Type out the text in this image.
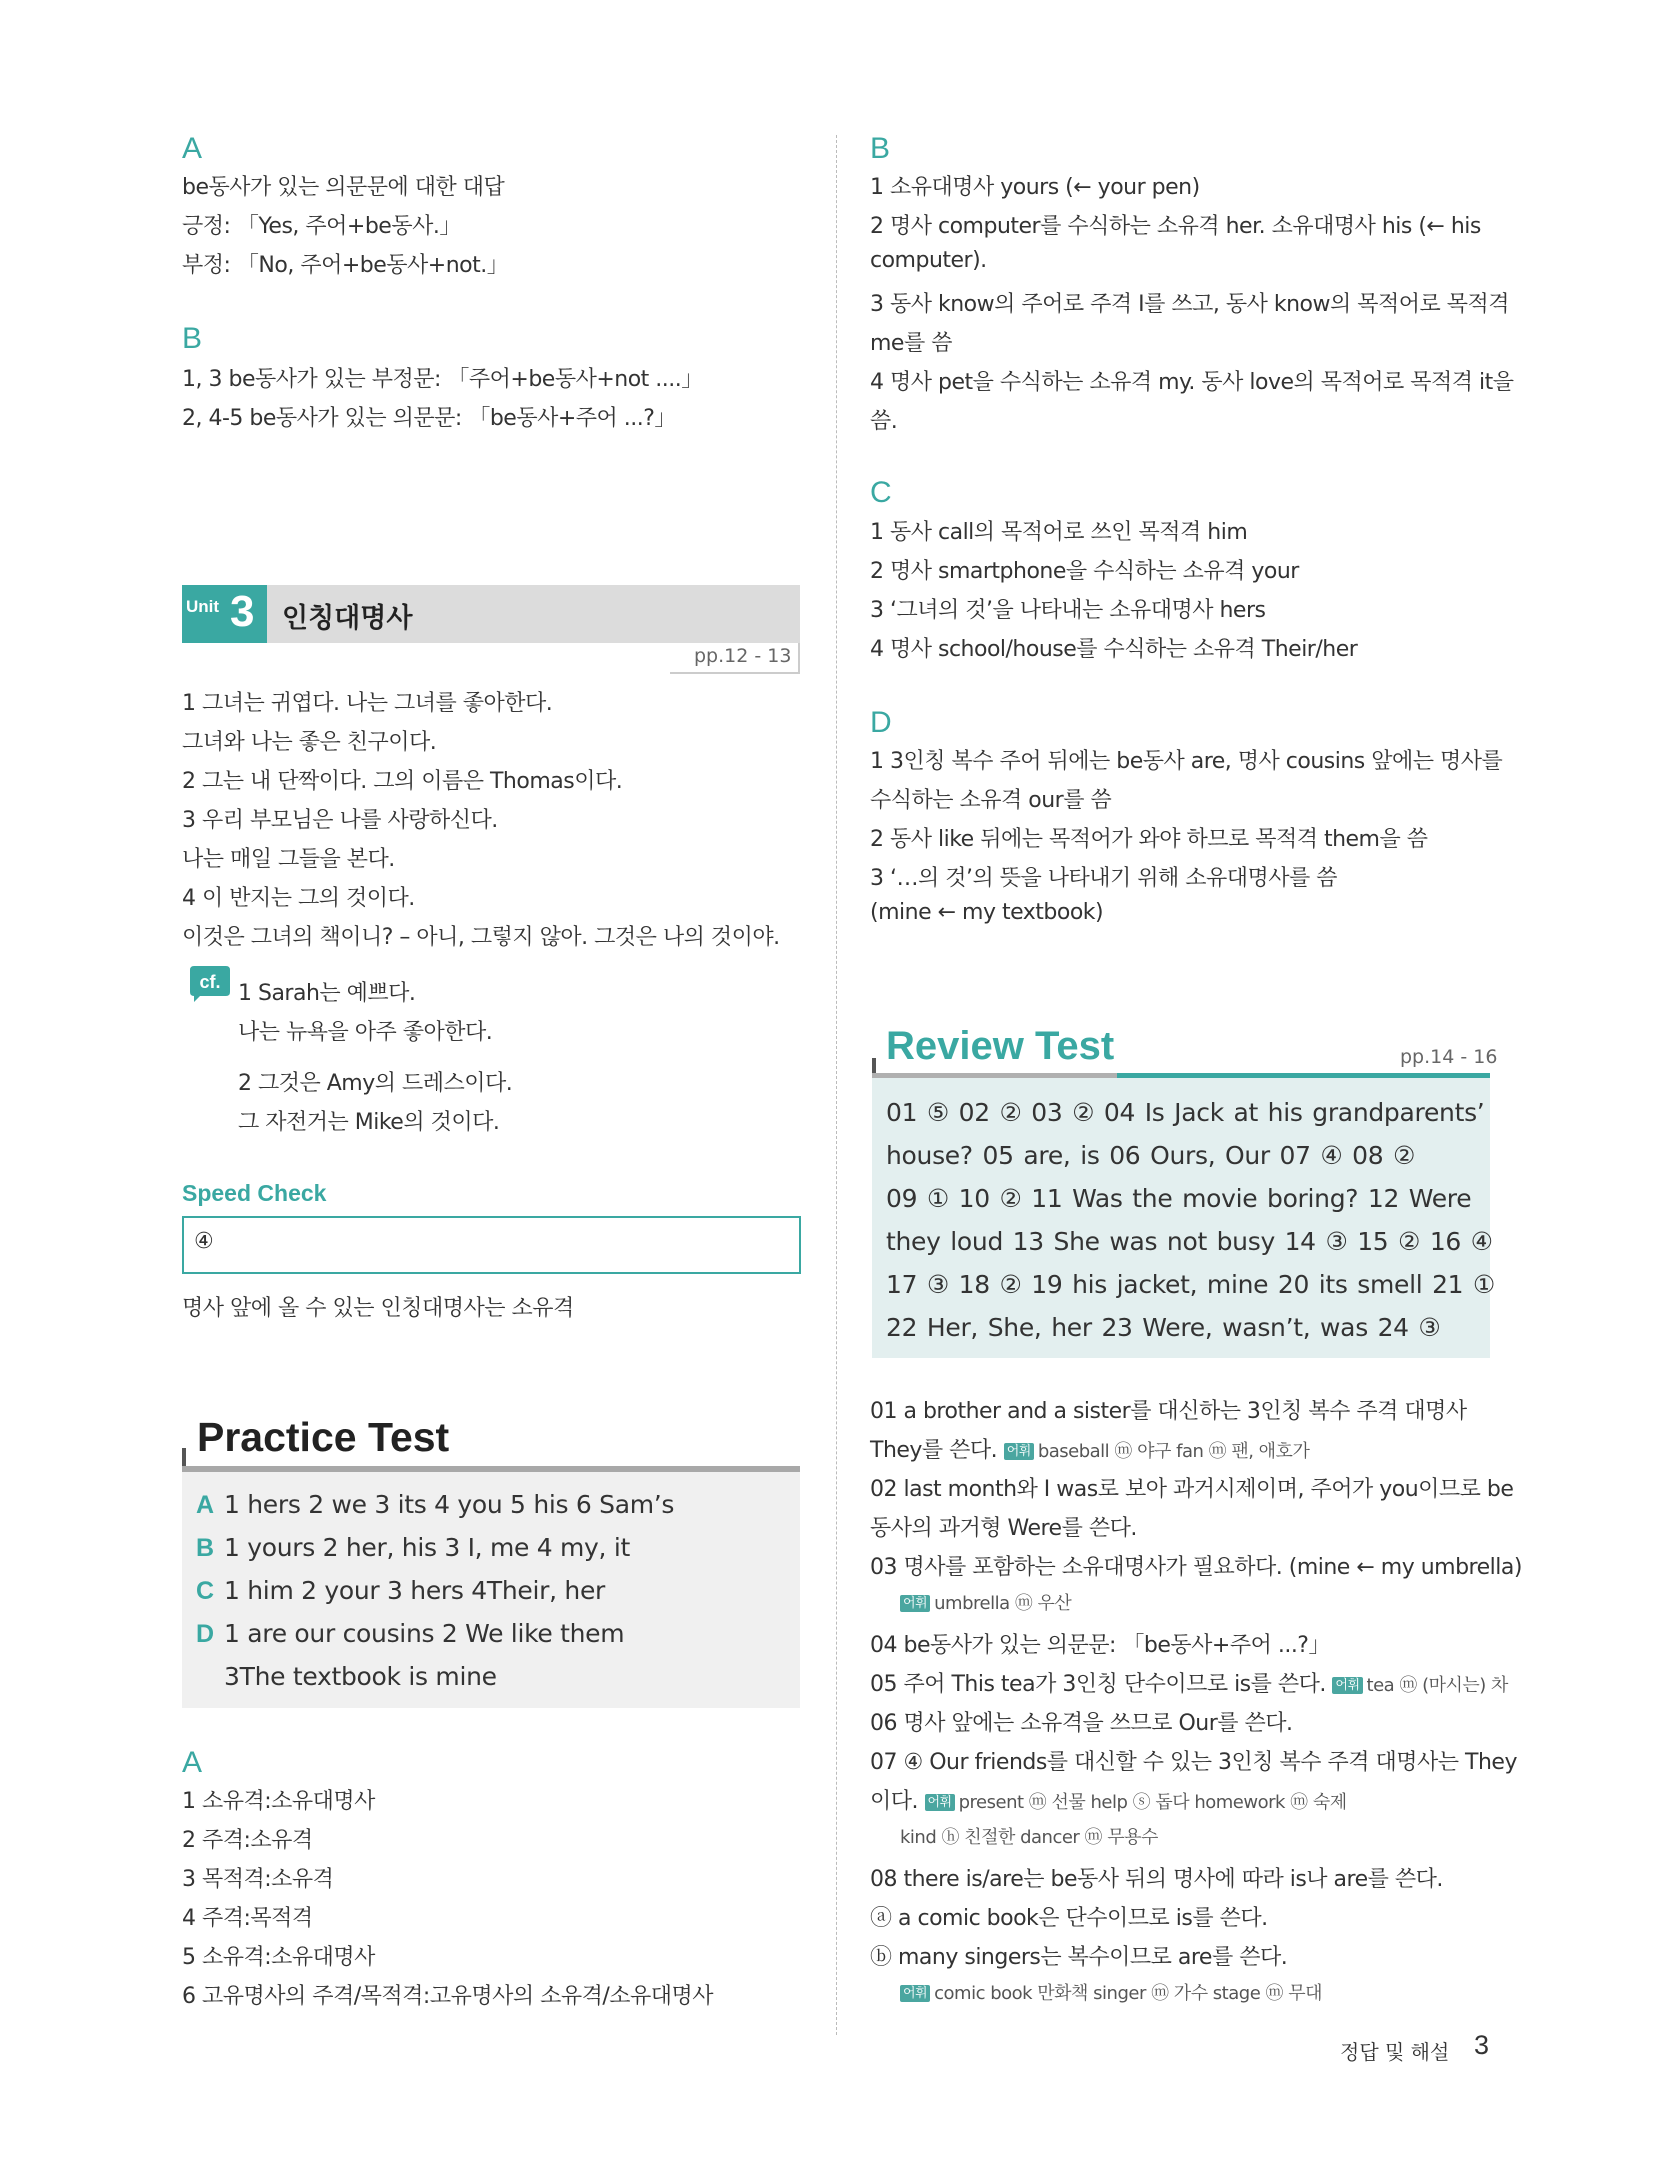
A
be동사가 있는 의문문에 대한 대답
긍정: 「Yes, 주어+be동사.」
부정: 「No, 주어+be동사+not.」
B
1, 3 be동사가 있는 부정문: 「주어+be동사+not ....」
2, 4-5 be동사가 있는 의문문: 「be동사+주어 ...?」
Unit 3 인칭대명사
pp.12 - 13
1 그녀는 귀엽다. 나는 그녀를 좋아한다.
그녀와 나는 좋은 친구이다.
2 그는 내 단짝이다. 그의 이름은 Thomas이다.
3 우리 부모님은 나를 사랑하신다.
나는 매일 그들을 본다.
4 이 반지는 그의 것이다.
이것은 그녀의 책이니? – 아니, 그렇지 않아. 그것은 나의 것이야.
cf. 1 Sarah는 예쁘다.
나는 뉴욕을 아주 좋아한다.
2 그것은 Amy의 드레스이다.
그 자전거는 Mike의 것이다.
Speed Check
④
명사 앞에 올 수 있는 인칭대명사는 소유격
Practice Test
A 1 hers 2 we 3 its 4 you 5 his 6 Sam’s
B 1 yours 2 her, his 3 I, me 4 my, it
C 1 him 2 your 3 hers 4Their, her
D 1 are our cousins 2 We like them
3The textbook is mine
A
1 소유격:소유대명사
2 주격:소유격
3 목적격:소유격
4 주격:목적격
5 소유격:소유대명사
6 고유명사의 주격/목적격:고유명사의 소유격/소유대명사
B
1 소유대명사 yours (← your pen)
2 명사 computer를 수식하는 소유격 her. 소유대명사 his (← his
computer).
3 동사 know의 주어로 주격 I를 쓰고, 동사 know의 목적어로 목적격
me를 씀
4 명사 pet을 수식하는 소유격 my. 동사 love의 목적어로 목적격 it을
씀.
C
1 동사 call의 목적어로 쓰인 목적격 him
2 명사 smartphone을 수식하는 소유격 your
3 ‘그녀의 것’을 나타내는 소유대명사 hers
4 명사 school/house를 수식하는 소유격 Their/her
D
1 3인칭 복수 주어 뒤에는 be동사 are, 명사 cousins 앞에는 명사를
수식하는 소유격 our를 씀
2 동사 like 뒤에는 목적어가 와야 하므로 목적격 them을 씀
3 ‘…의 것’의 뜻을 나타내기 위해 소유대명사를 씀
(mine ← my textbook)
Review Test	pp.14 - 16
01 ⑤ 02 ② 03 ② 04 Is Jack at his grandparents’
house? 05 are, is 06 Ours, Our 07 ④ 08 ②
09 ① 10 ② 11 Was the movie boring? 12 Were
they loud 13 She was not busy 14 ③ 15 ② 16 ④
17 ③ 18 ② 19 his jacket, mine 20 its smell 21 ①
22 Her, She, her 23 Were, wasn’t, was 24 ③
01 a brother and a sister를 대신하는 3인칭 복수 주격 대명사
They를 쓴다. 어휘 baseball ⓜ 야구 fan ⓜ 팬, 애호가
02 last month와 I was로 보아 과거시제이며, 주어가 you이므로 be
동사의 과거형 Were를 쓴다.
03 명사를 포함하는 소유대명사가 필요하다. (mine ← my umbrella)
어휘 umbrella ⓜ 우산
04 be동사가 있는 의문문: 「be동사+주어 ...?」
05 주어 This tea가 3인칭 단수이므로 is를 쓴다. 어휘 tea ⓜ (마시는) 차
06 명사 앞에는 소유격을 쓰므로 Our를 쓴다.
07 ④ Our friends를 대신할 수 있는 3인칭 복수 주격 대명사는 They
이다. 어휘 present ⓜ 선물 help ⓢ 돕다 homework ⓜ 숙제
kind ⓗ 친절한 dancer ⓜ 무용수
08 there is/are는 be동사 뒤의 명사에 따라 is나 are를 쓴다.
ⓐ a comic book은 단수이므로 is를 쓴다.
ⓑ many singers는 복수이므로 are를 쓴다.
어휘 comic book 만화책 singer ⓜ 가수 stage ⓜ 무대
정답 및 해설 3
